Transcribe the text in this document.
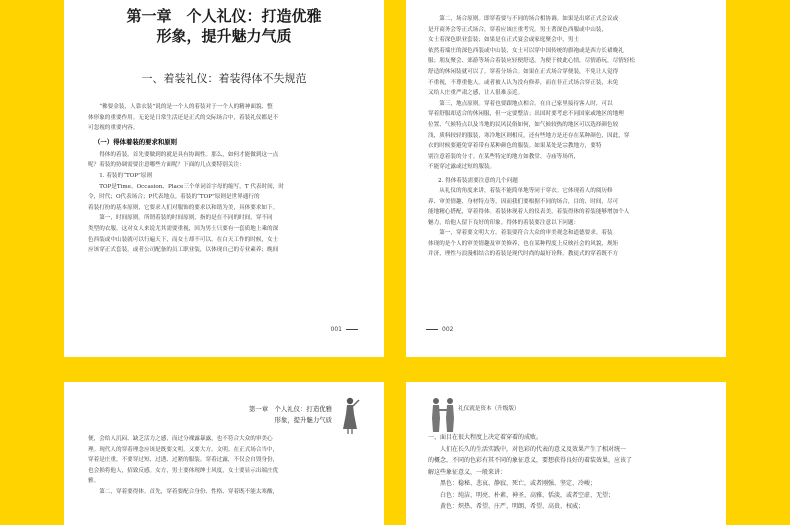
第一章　个人礼仪：打造优雅
形象，提升魅力气质
一、着装礼仪：着装得体不失规范

“佛要金装，人靠衣装”说的是一个人的着装对于一个人的精神面貌、整

体形象的重要作用。无论是日常生活还是正式的交际场合中，着装礼仪都是不

可忽视的重要内容。

（一）得体着装的要求和原则

得体的着装，首先要做到的就是具有协调性。那么，如何才能做到这一点

呢？着装的协调需要注意哪些方面呢？下面的几点要特别关注：

1. 着装的“TOP”原则

TOP是Time、Occasion、Place三个单词首字母的缩写。T 代表时间，时

令，时代；O代表场合；P代表地点。着装的“TOP”原则是世界通行的

着装打扮的基本原则，它要求人们对服饰的要求以和谐为美，具体要求如下。

第一，时间原则。所谓着装的时间原则，指的是在不同的时间，穿不同

类型的衣服。这对女人来说尤其需要重视，因为男士只要有一套质地上乘的深

色西装或中山装就可以行遍天下，而女士却不可以。在白天工作的时候，女士

应该穿正式套装，或者公司配备的员工职业装，以体现自己的专业素养；晚间

001

第二，场合原则。即穿着要与不同的场合相协调。如果是出席正式会议或

是开商务会等正式场合，穿着应该庄重考究。男士著深色西服或中山装，

女士着深色职业套装；如果是在正式宴会或家庭聚会中，男士

依然着端庄的深色西装或中山装，女士可以穿中国传统的旗袍或是西方长裙晚礼

服；朋友聚会、郊游等场合着装应轻便舒适。为便于彼此心情，尽情游玩，尽情轻松

舒适的休闲装就可以了。穿着分场合。如果在正式场合穿便装，不免让人觉得

不重视，不尊重他人。或者被人认为没有修养，而在非正式场合穿正装，未免

又给人庄重严肃之感，让人很难亲近。

第三，地点原则。穿着也要跟地点相合。在自己家里接待客人时，可以

穿着舒服却适合的休闲服，但一定要整洁；出国时要考虑不同国家或地区的地理

位置、气候特点以及当地的民风民俗如何，如气候较热的地区可以选择颜色较

浅，质料较轻的服装，寒冷地区则相反。还有些地方是还存在某种颜色，因此，穿

衣的时候要避免穿着带有某种颜色的服装。如果某处是宗教地方，要特

别注意着装的分寸。在某些特定的地方如教堂、寺庙等场所，

不能穿过露或过短的服装。

2. 得体着装需要注意的几个问题

从礼仪的角度来讲，着装不能简单地等同于穿衣。它体现着人的阅历修

养、审美情趣、身材特点等，因而我们要根据不同的场合，目的、时间，尽可

能地精心搭配，穿着得体。着装体现着人的仪表美，着装得体的着装能够增加个人

魅力，给他人留下良好的印象。得体的着装要注意以下问题：

第一，穿着要文明大方。着装要符合大众的审美观念和道德要求。着装

体现的是个人的审美情趣及审美修养，也在某种程度上反映社会的风貌，规矩

并济，理性与浪漫相结合的着装是现代时尚的最好诠释。教徒式的穿着既不方

002
第一章　个人礼仪：打造优雅
形象，提升魅力气质

便，会给人沉闷、缺乏活力之感，而过分裸露暴露，也不符合大众的审美心

理。现代人的穿着理念应该是既要文明，又要大方，文明。在正式场合当中，

穿着是庄重，不要穿过短、过透、过紧的服装。穿着过露，不仅会自毁身份，

也会损将他人，招致反感。女方，男士要体现绅士风度，女士要显示出端庄优

雅。

第二，穿着要得体。首先，穿着要配合身份、性格、穿着既不能太寒酸，

礼仪就是资本（升级版）

一、面目在很大程度上决定着穿着的成败。

人们在长久的生活实践中，对色彩的代表的意义及效果产生了相对统一

的概念，不同的色彩有其不同的象征意义，要想获得良好的着装效果，应该了

解这些象征意义，一般来讲：

黑色：稳秘、悲哀、静寂、死亡，或者刚强、坚定、冷峻；

白色：纯洁、明亮、朴素、神圣、高雅、恬淡，或者空虚、无望；

黄色：炽热、希望、庄严、明朗、希望、高贵、权威；
